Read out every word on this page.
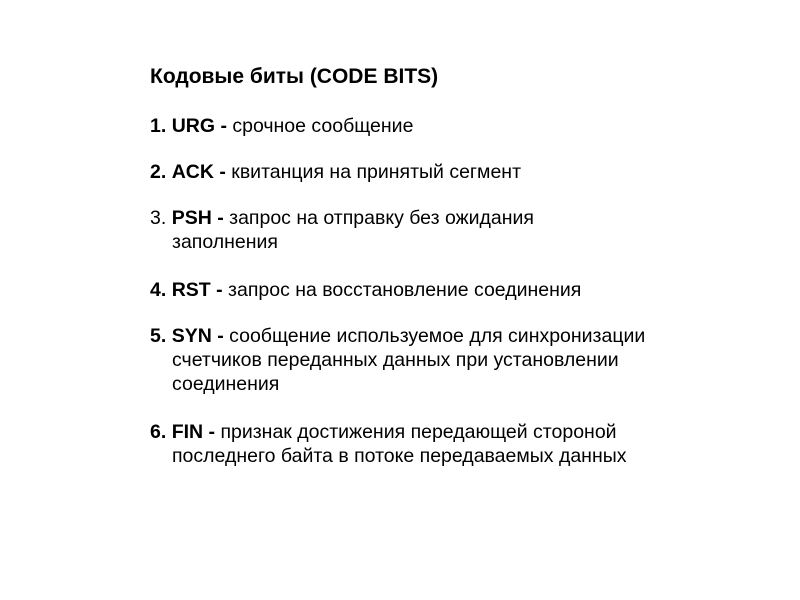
Кодовые биты (CODE BITS)
1. URG - срочное сообщение
2. ACK - квитанция на принятый сегмент
3. PSH - запрос на отправку без ожидания
заполнения
4. RST - запрос на восстановление соединения
5. SYN - сообщение используемое для синхронизации
счетчиков переданных данных при установлении
соединения
6. FIN - признак достижения передающей стороной
последнего байта в потоке передаваемых данных
